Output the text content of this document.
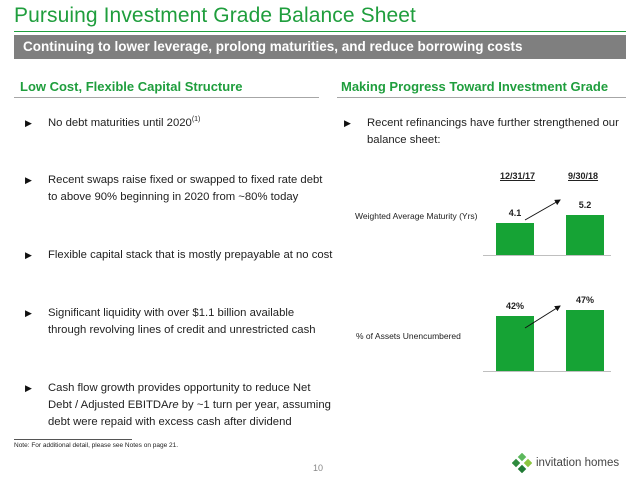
Pursuing Investment Grade Balance Sheet
Continuing to lower leverage, prolong maturities, and reduce borrowing costs
Low Cost, Flexible Capital Structure
▶	No debt maturities until 2020$^{(1)}$
▶	Recent swaps raise fixed or swapped to fixed rate debt
to above 90% beginning in 2020 from ~80% today
▶	Flexible capital stack that is mostly prepayable at no cost
▶	Significant liquidity with over $1.1 billion available
through revolving lines of credit and unrestricted cash
▶	Cash flow growth provides opportunity to reduce Net
Debt / Adjusted EBITDAre by ~1 turn per year, assuming
debt were repaid with excess cash after dividend
Making Progress Toward Investment Grade
▶	Recent refinancings have further strengthened our
balance sheet:
12/31/17	9/30/18
Weighted Average Maturity (Yrs)
% of Assets Unencumbered
4.1
5.2
42%
47%
Note: For additional detail, please see Notes on page 21.
10	invitation homes
